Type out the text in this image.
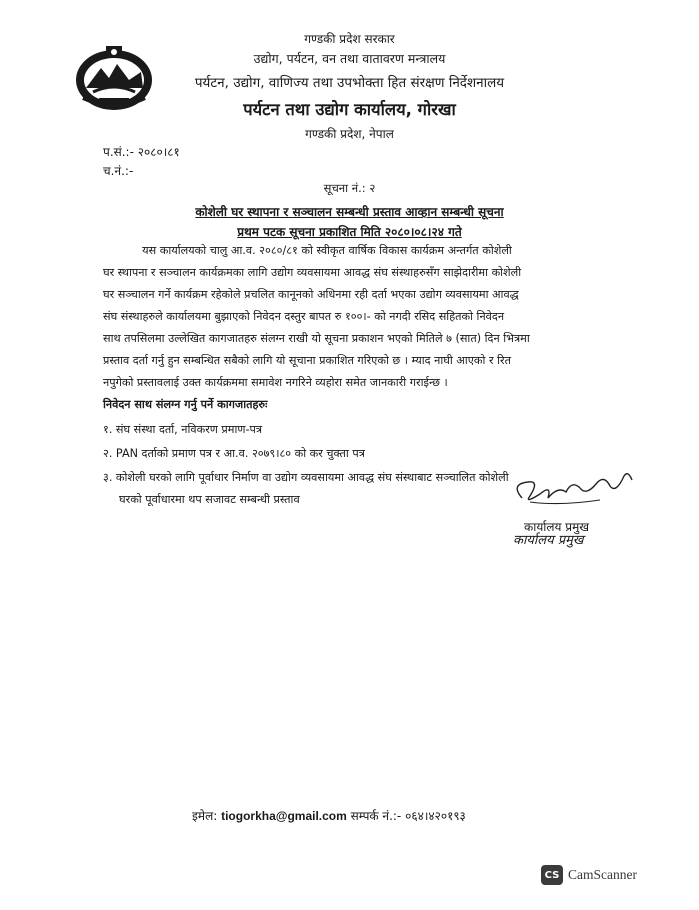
गण्डकी प्रदेश सरकार
उद्योग, पर्यटन, वन तथा वातावरण मन्त्रालय
पर्यटन, उद्योग, वाणिज्य तथा उपभोक्ता हित संरक्षण निर्देशनालय
पर्यटन तथा उद्योग कार्यालय, गोरखा
गण्डकी प्रदेश, नेपाल
प.सं.:- २०८०।८१
च.नं.:-
सूचना नं.: २
कोशेली घर स्थापना र सञ्चालन सम्बन्धी प्रस्ताव आव्हान सम्बन्धी सूचना
प्रथम पटक सूचना प्रकाशित मिति २०८०।०८।२४ गते
यस कार्यालयको चालु आ.व. २०८०/८१ को स्वीकृत वार्षिक विकास कार्यक्रम अन्तर्गत कोशेली
घर स्थापना र सञ्चालन कार्यक्रमका लागि उद्योग व्यवसायमा आवद्ध संघ संस्थाहरुसँग साझेदारीमा कोशेली
घर सञ्चालन गर्ने कार्यक्रम रहेकोले प्रचलित कानूनको अधिनमा रही दर्ता भएका उद्योग व्यवसायमा आवद्ध
संघ संस्थाहरुले कार्यालयमा बुझाएको निवेदन दस्तुर बापत रु १००।- को नगदी रसिद सहितको निवेदन
साथ तपसिलमा उल्लेखित कागजातहरु संलग्न राखी यो सूचना प्रकाशन भएको मितिले ७ (सात) दिन भित्रमा
प्रस्ताव दर्ता गर्नु हुन सम्बन्धित सबैको लागि यो सूचाना प्रकाशित गरिएको छ । म्याद नाघी आएको र रित
नपुगेको प्रस्तावलाई उक्त कार्यक्रममा समावेश नगरिने व्यहोरा समेत जानकारी गराईन्छ ।
निवेदन साथ संलग्न गर्नु पर्ने कागजातहरुः
१. संघ संस्था दर्ता, नविकरण प्रमाण-पत्र
२. PAN दर्ताको प्रमाण पत्र र आ.व. २०७९।८० को कर चुक्ता पत्र
३. कोशेली घरको लागि पूर्वाधार निर्माण वा उद्योग व्यवसायमा आवद्ध संघ संस्थाबाट सञ्चालित कोशेली
घरको पूर्वाधारमा थप सजावट सम्बन्धी प्रस्ताव
कार्यालय प्रमुख
कार्यालय प्रमुख
इमेल: tiogorkha@gmail.com सम्पर्क नं.:- ०६४।४२०१९३
CS CamScanner
